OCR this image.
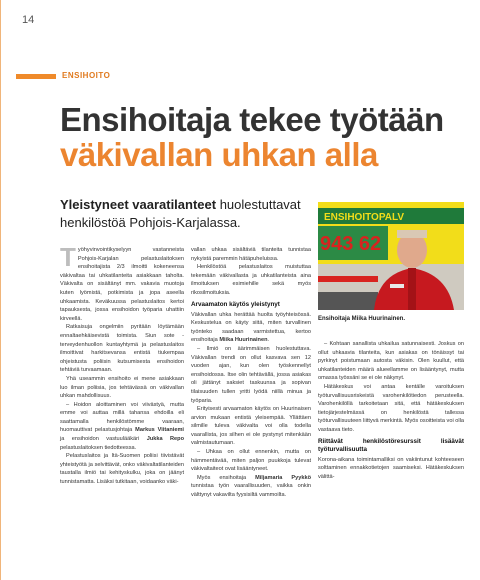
14
ENSIHOITO
Ensihoitaja tekee työtään
väkivallan uhkan alla
Yleistyneet vaaratilanteet huolestuttavat henkilöstöä Pohjois-Karjalassa.	ENSIHOITOPALV
943 62
Ensihoitaja Miika Huurinainen.

Työhyvinvointikyselyyn vastanneista Pohjois-Karjalan pelastuslaitoksen ensihoitajista 2/3 ilmoitti kokeneensa väkivaltaa tai uhkatilanteita asiakkaan taholta. Väkivalta on sisältänyt mm. vakavia muotoja kuten lyömistä, potkimista ja jopa aseella uhkaamista. Keväkuussa pelastuslaitos kertoi tapauksesta, jossa ensihoidon työparia uhattiin kirveellä.

Ratkaisuja ongelmiin pyritään löytämään ennaltaehkäisevistä toimista. Siun sote -terveydenhuollon kuntayhtymä ja pelastuslaitos ilmoittivat harkitsevansa entistä tiukempaa ohjeistusta poliisin kutsumisesta ensihoidon tehtäviä turvaamaan.

Yhä useammin ensihoito ei mene asiakkaan luo ilman poliisia, jos tehtävässä on väkivallan uhkan mahdollisuus.

– Hoidon aloittaminen voi viivästyä, mutta emme voi auttaa millä tahansa ehdoilla eli saattamalla henkilöstömme vaaraan, huomauttivat pelastusjohtaja Markus Viitaniemi ja ensihoidon vastuulääkäri Jukka Repo pelastuslaitoksen tiedotteessa.

Pelastuslaitos ja Itä-Suomen poliisi tiivistävät yhteistyötä ja selvittävät, onko väkivaltatilanteiden taustalla ilmiö tai kehityskulku, joka on jäänyt tunnistamatta. Lisäksi tutkitaan, voidaanko väki-

vallan uhkaa sisältäviä tilanteita tunnistaa nykyistä paremmin hätäpuheluissa.

Henkilöstöä pelastuslaitos muistuttaa tekemään väkivallasta ja uhkatilanteista aina ilmoituksen esimiehille sekä myös rikosilmoituksia.

Arvaamaton käytös yleistynyt

Väkivallan uhka herättää huolta työyhteisössä. Keskustelua on käyty siitä, miten turvallinen työnteko saadaan varmistettua, kertoo ensihoitaja Miika Huurinainen.

– Ilmiö on äärimmäisen huolestuttava. Väkivallan trendi on ollut kasvava sen 12 vuoden ajan, kun olen työskennellyt ensihoidossa. Itse olin tehtävällä, jossa asiakas oli jättänyt saksiet taskuunsa ja sopivan tilaisuuden tullen yritti lyödä niillä minua ja työparia.

Erityisesti arvaamaton käytös on Huurinaisen arvion mukaan entistä yleisempää. Yllättäen silmille tuleva väkivalta voi olla todella vaarallista, jos silhen ei ole pystynyt mitenkään valmistautumaan.

– Uhkaa on ollut ennenkin, mutta on hämmentävää, miten paljon puukkoja tulevat väkivaltaiteot ovat lisääntyneet.

Myös ensihoitaja Miljamaria Pyykkö tunnistaa työn vaarallisuuden, vaikka onkin välttynyt vakavilta fyysisiltä vammoilta.

– Kohtaan sanallista uhkailua satunnaisesti. Joskus on ollut uhkaavia tilanteita, kun asiakas on tönäissyt tai pyrkinyt poistumaan autosta väkisin. Olen kuullut, että uhkatilanteiden määrä alueellamme on lisääntynyt, mutta omassa työssäni se ei ole näkynyt.

Hätäkeskus voi antaa kentälle varoituksen työturvallisuusriskeistä varohenkilötiedon perusteella. Varohenkilöllä tarkoitetaan sitä, että hätäkeskuksen tietojärjestelmässä on henkilöstä tallessa työturvallisuuteen liittyvä merkintä. Myös osoitteista voi olla vastaava tieto.

Riittävät henkilöstöresurssit lisäävät työturvallisuutta

Korona-aikana toimintamalliksi on vakiintunut kohteeseen solttaminen ennakkotietojen saamiseksi. Hätäkeskuksen välittä-
